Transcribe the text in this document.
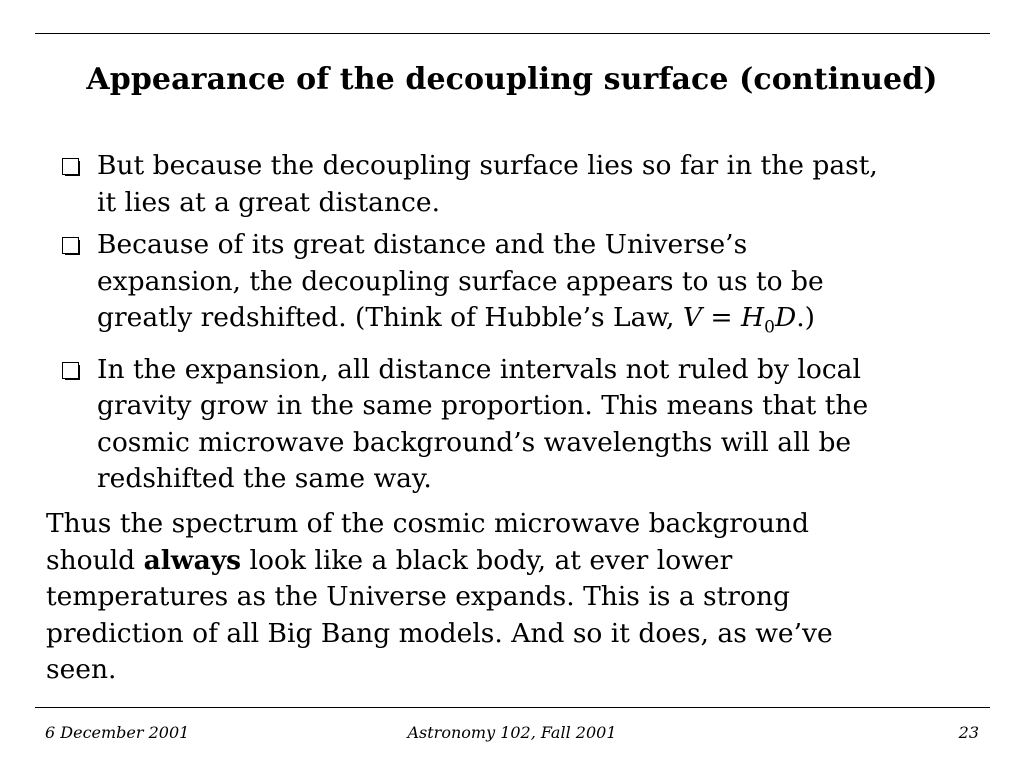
Appearance of the decoupling surface (continued)
But because the decoupling surface lies so far in the past,
it lies at a great distance.
Because of its great distance and the Universe’s
expansion, the decoupling surface appears to us to be
greatly redshifted. (Think of Hubble’s Law, $V = H_0D$.)
In the expansion, all distance intervals not ruled by local
gravity grow in the same proportion. This means that the
cosmic microwave background’s wavelengths will all be
redshifted the same way.
Thus the spectrum of the cosmic microwave background
should always look like a black body, at ever lower
temperatures as the Universe expands. This is a strong
prediction of all Big Bang models. And so it does, as we’ve
seen.
6 December 2001	Astronomy 102, Fall 2001	23
